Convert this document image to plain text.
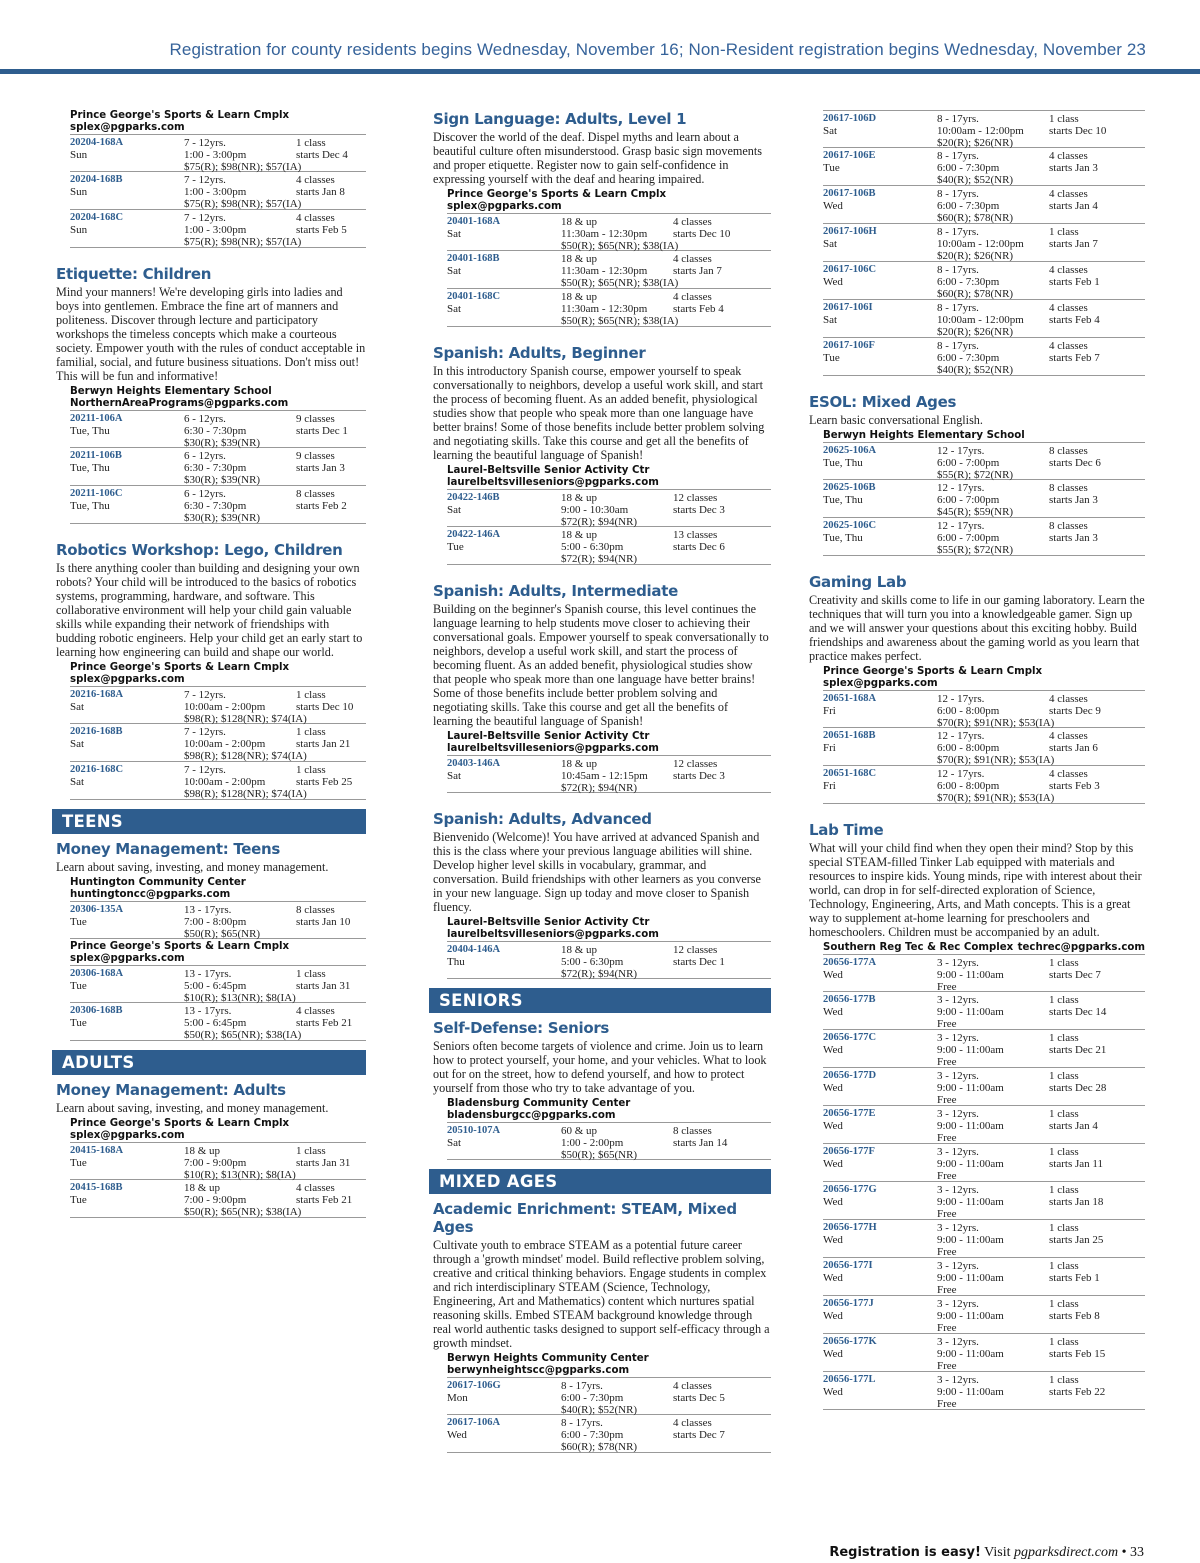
Registration for county residents begins Wednesday, November 16; Non-Resident registration begins Wednesday, November 23
Prince George's Sports & Learn Cmplx
splex@pgparks.com
20204-168A
Sun
7 - 12yrs.
1:00 - 3:00pm
$75(R); $98(NR); $57(IA)
1 class
starts Dec 4
20204-168B
Sun
7 - 12yrs.
1:00 - 3:00pm
$75(R); $98(NR); $57(IA)
4 classes
starts Jan 8
20204-168C
Sun
7 - 12yrs.
1:00 - 3:00pm
$75(R); $98(NR); $57(IA)
4 classes
starts Feb 5
Etiquette: Children
Mind your manners! We're developing girls into ladies and boys into gentlemen. Embrace the fine art of manners and politeness. Discover through lecture and participatory workshops the timeless concepts which make a courteous society. Empower youth with the rules of conduct acceptable in familial, social, and future business situations. Don't miss out! This will be fun and informative!
Berwyn Heights Elementary School
NorthernAreaPrograms@pgparks.com
20211-106A
Tue, Thu
6 - 12yrs.
6:30 - 7:30pm
$30(R); $39(NR)
9 classes
starts Dec 1
20211-106B
Tue, Thu
6 - 12yrs.
6:30 - 7:30pm
$30(R); $39(NR)
9 classes
starts Jan 3
20211-106C
Tue, Thu
6 - 12yrs.
6:30 - 7:30pm
$30(R); $39(NR)
8 classes
starts Feb 2
Robotics Workshop: Lego, Children
Is there anything cooler than building and designing your own robots? Your child will be introduced to the basics of robotics systems, programming, hardware, and software. This collaborative environment will help your child gain valuable skills while expanding their network of friendships with budding robotic engineers. Help your child get an early start to learning how engineering can build and shape our world.
Prince George's Sports & Learn Cmplx
splex@pgparks.com
20216-168A
Sat
7 - 12yrs.
10:00am - 2:00pm
$98(R); $128(NR); $74(IA)
1 class
starts Dec 10
20216-168B
Sat
7 - 12yrs.
10:00am - 2:00pm
$98(R); $128(NR); $74(IA)
1 class
starts Jan 21
20216-168C
Sat
7 - 12yrs.
10:00am - 2:00pm
$98(R); $128(NR); $74(IA)
1 class
starts Feb 25
TEENS
Money Management: Teens
Learn about saving, investing, and money management.
Huntington Community Center
huntingtoncc@pgparks.com
20306-135A
Tue
13 - 17yrs.
7:00 - 8:00pm
$50(R); $65(NR)
8 classes
starts Jan 10
Prince George's Sports & Learn Cmplx
splex@pgparks.com
20306-168A
Tue
13 - 17yrs.
5:00 - 6:45pm
$10(R); $13(NR); $8(IA)
1 class
starts Jan 31
20306-168B
Tue
13 - 17yrs.
5:00 - 6:45pm
$50(R); $65(NR); $38(IA)
4 classes
starts Feb 21
ADULTS
Money Management: Adults
Learn about saving, investing, and money management.
Prince George's Sports & Learn Cmplx
splex@pgparks.com
20415-168A
Tue
18 & up
7:00 - 9:00pm
$10(R); $13(NR); $8(IA)
1 class
starts Jan 31
20415-168B
Tue
18 & up
7:00 - 9:00pm
$50(R); $65(NR); $38(IA)
4 classes
starts Feb 21
Sign Language: Adults, Level 1
Discover the world of the deaf. Dispel myths and learn about a beautiful culture often misunderstood. Grasp basic sign movements and proper etiquette. Register now to gain self-confidence in expressing yourself with the deaf and hearing impaired.
Prince George's Sports & Learn Cmplx
splex@pgparks.com
20401-168A
Sat
18 & up
11:30am - 12:30pm
$50(R); $65(NR); $38(IA)
4 classes
starts Dec 10
20401-168B
Sat
18 & up
11:30am - 12:30pm
$50(R); $65(NR); $38(IA)
4 classes
starts Jan 7
20401-168C
Sat
18 & up
11:30am - 12:30pm
$50(R); $65(NR); $38(IA)
4 classes
starts Feb 4
Spanish: Adults, Beginner
In this introductory Spanish course, empower yourself to speak conversationally to neighbors, develop a useful work skill, and start the process of becoming fluent. As an added benefit, physiological studies show that people who speak more than one language have better brains! Some of those benefits include better problem solving and negotiating skills. Take this course and get all the benefits of learning the beautiful language of Spanish!
Laurel-Beltsville Senior Activity Ctr
laurelbeltsvilleseniors@pgparks.com
20422-146B
Sat
18 & up
9:00 - 10:30am
$72(R); $94(NR)
12 classes
starts Dec 3
20422-146A
Tue
18 & up
5:00 - 6:30pm
$72(R); $94(NR)
13 classes
starts Dec 6
Spanish: Adults, Intermediate
Building on the beginner's Spanish course, this level continues the language learning to help students move closer to achieving their conversational goals. Empower yourself to speak conversationally to neighbors, develop a useful work skill, and start the process of becoming fluent. As an added benefit, physiological studies show that people who speak more than one language have better brains! Some of those benefits include better problem solving and negotiating skills. Take this course and get all the benefits of learning the beautiful language of Spanish!
Laurel-Beltsville Senior Activity Ctr
laurelbeltsvilleseniors@pgparks.com
20403-146A
Sat
18 & up
10:45am - 12:15pm
$72(R); $94(NR)
12 classes
starts Dec 3
Spanish: Adults, Advanced
Bienvenido (Welcome)! You have arrived at advanced Spanish and this is the class where your previous language abilities will shine. Develop higher level skills in vocabulary, grammar, and conversation. Build friendships with other learners as you converse in your new language. Sign up today and move closer to Spanish fluency.
Laurel-Beltsville Senior Activity Ctr
laurelbeltsvilleseniors@pgparks.com
20404-146A
Thu
18 & up
5:00 - 6:30pm
$72(R); $94(NR)
12 classes
starts Dec 1
SENIORS
Self-Defense: Seniors
Seniors often become targets of violence and crime. Join us to learn how to protect yourself, your home, and your vehicles. What to look out for on the street, how to defend yourself, and how to protect yourself from those who try to take advantage of you.
Bladensburg Community Center
bladensburgcc@pgparks.com
20510-107A
Sat
60 & up
1:00 - 2:00pm
$50(R); $65(NR)
8 classes
starts Jan 14
MIXED AGES
Academic Enrichment: STEAM, Mixed Ages
Cultivate youth to embrace STEAM as a potential future career through a 'growth mindset' model. Build reflective problem solving, creative and critical thinking behaviors. Engage students in complex and rich interdisciplinary STEAM (Science, Technology, Engineering, Art and Mathematics) content which nurtures spatial reasoning skills. Embed STEAM background knowledge through real world authentic tasks designed to support self-efficacy through a growth mindset.
Berwyn Heights Community Center
berwynheightscc@pgparks.com
20617-106G
Mon
8 - 17yrs.
6:00 - 7:30pm
$40(R); $52(NR)
4 classes
starts Dec 5
20617-106A
Wed
8 - 17yrs.
6:00 - 7:30pm
$60(R); $78(NR)
4 classes
starts Dec 7
20617-106D
Sat
8 - 17yrs.
10:00am - 12:00pm
$20(R); $26(NR)
1 class
starts Dec 10
20617-106E
Tue
8 - 17yrs.
6:00 - 7:30pm
$40(R); $52(NR)
4 classes
starts Jan 3
20617-106B
Wed
8 - 17yrs.
6:00 - 7:30pm
$60(R); $78(NR)
4 classes
starts Jan 4
20617-106H
Sat
8 - 17yrs.
10:00am - 12:00pm
$20(R); $26(NR)
1 class
starts Jan 7
20617-106C
Wed
8 - 17yrs.
6:00 - 7:30pm
$60(R); $78(NR)
4 classes
starts Feb 1
20617-106I
Sat
8 - 17yrs.
10:00am - 12:00pm
$20(R); $26(NR)
4 classes
starts Feb 4
20617-106F
Tue
8 - 17yrs.
6:00 - 7:30pm
$40(R); $52(NR)
4 classes
starts Feb 7
ESOL: Mixed Ages
Learn basic conversational English.
Berwyn Heights Elementary School
20625-106A
Tue, Thu
12 - 17yrs.
6:00 - 7:00pm
$55(R); $72(NR)
8 classes
starts Dec 6
20625-106B
Tue, Thu
12 - 17yrs.
6:00 - 7:00pm
$45(R); $59(NR)
8 classes
starts Jan 3
20625-106C
Tue, Thu
12 - 17yrs.
6:00 - 7:00pm
$55(R); $72(NR)
8 classes
starts Jan 3
Gaming Lab
Creativity and skills come to life in our gaming laboratory. Learn the techniques that will turn you into a knowledgeable gamer. Sign up and we will answer your questions about this exciting hobby. Build friendships and awareness about the gaming world as you learn that practice makes perfect.
Prince George's Sports & Learn Cmplx
splex@pgparks.com
20651-168A
Fri
12 - 17yrs.
6:00 - 8:00pm
$70(R); $91(NR); $53(IA)
4 classes
starts Dec 9
20651-168B
Fri
12 - 17yrs.
6:00 - 8:00pm
$70(R); $91(NR); $53(IA)
4 classes
starts Jan 6
20651-168C
Fri
12 - 17yrs.
6:00 - 8:00pm
$70(R); $91(NR); $53(IA)
4 classes
starts Feb 3
Lab Time
What will your child find when they open their mind? Stop by this special STEAM-filled Tinker Lab equipped with materials and resources to inspire kids. Young minds, ripe with interest about their world, can drop in for self-directed exploration of Science, Technology, Engineering, Arts, and Math concepts. This is a great way to supplement at-home learning for preschoolers and homeschoolers. Children must be accompanied by an adult.
Southern Reg Tec & Rec Complex techrec@pgparks.com
20656-177A
Wed
3 - 12yrs.
9:00 - 11:00am
Free
1 class
starts Dec 7
20656-177B
Wed
3 - 12yrs.
9:00 - 11:00am
Free
1 class
starts Dec 14
20656-177C
Wed
3 - 12yrs.
9:00 - 11:00am
Free
1 class
starts Dec 21
20656-177D
Wed
3 - 12yrs.
9:00 - 11:00am
Free
1 class
starts Dec 28
20656-177E
Wed
3 - 12yrs.
9:00 - 11:00am
Free
1 class
starts Jan 4
20656-177F
Wed
3 - 12yrs.
9:00 - 11:00am
Free
1 class
starts Jan 11
20656-177G
Wed
3 - 12yrs.
9:00 - 11:00am
Free
1 class
starts Jan 18
20656-177H
Wed
3 - 12yrs.
9:00 - 11:00am
Free
1 class
starts Jan 25
20656-177I
Wed
3 - 12yrs.
9:00 - 11:00am
Free
1 class
starts Feb 1
20656-177J
Wed
3 - 12yrs.
9:00 - 11:00am
Free
1 class
starts Feb 8
20656-177K
Wed
3 - 12yrs.
9:00 - 11:00am
Free
1 class
starts Feb 15
20656-177L
Wed
3 - 12yrs.
9:00 - 11:00am
Free
1 class
starts Feb 22
Registration is easy! Visit pgparksdirect.com • 33
